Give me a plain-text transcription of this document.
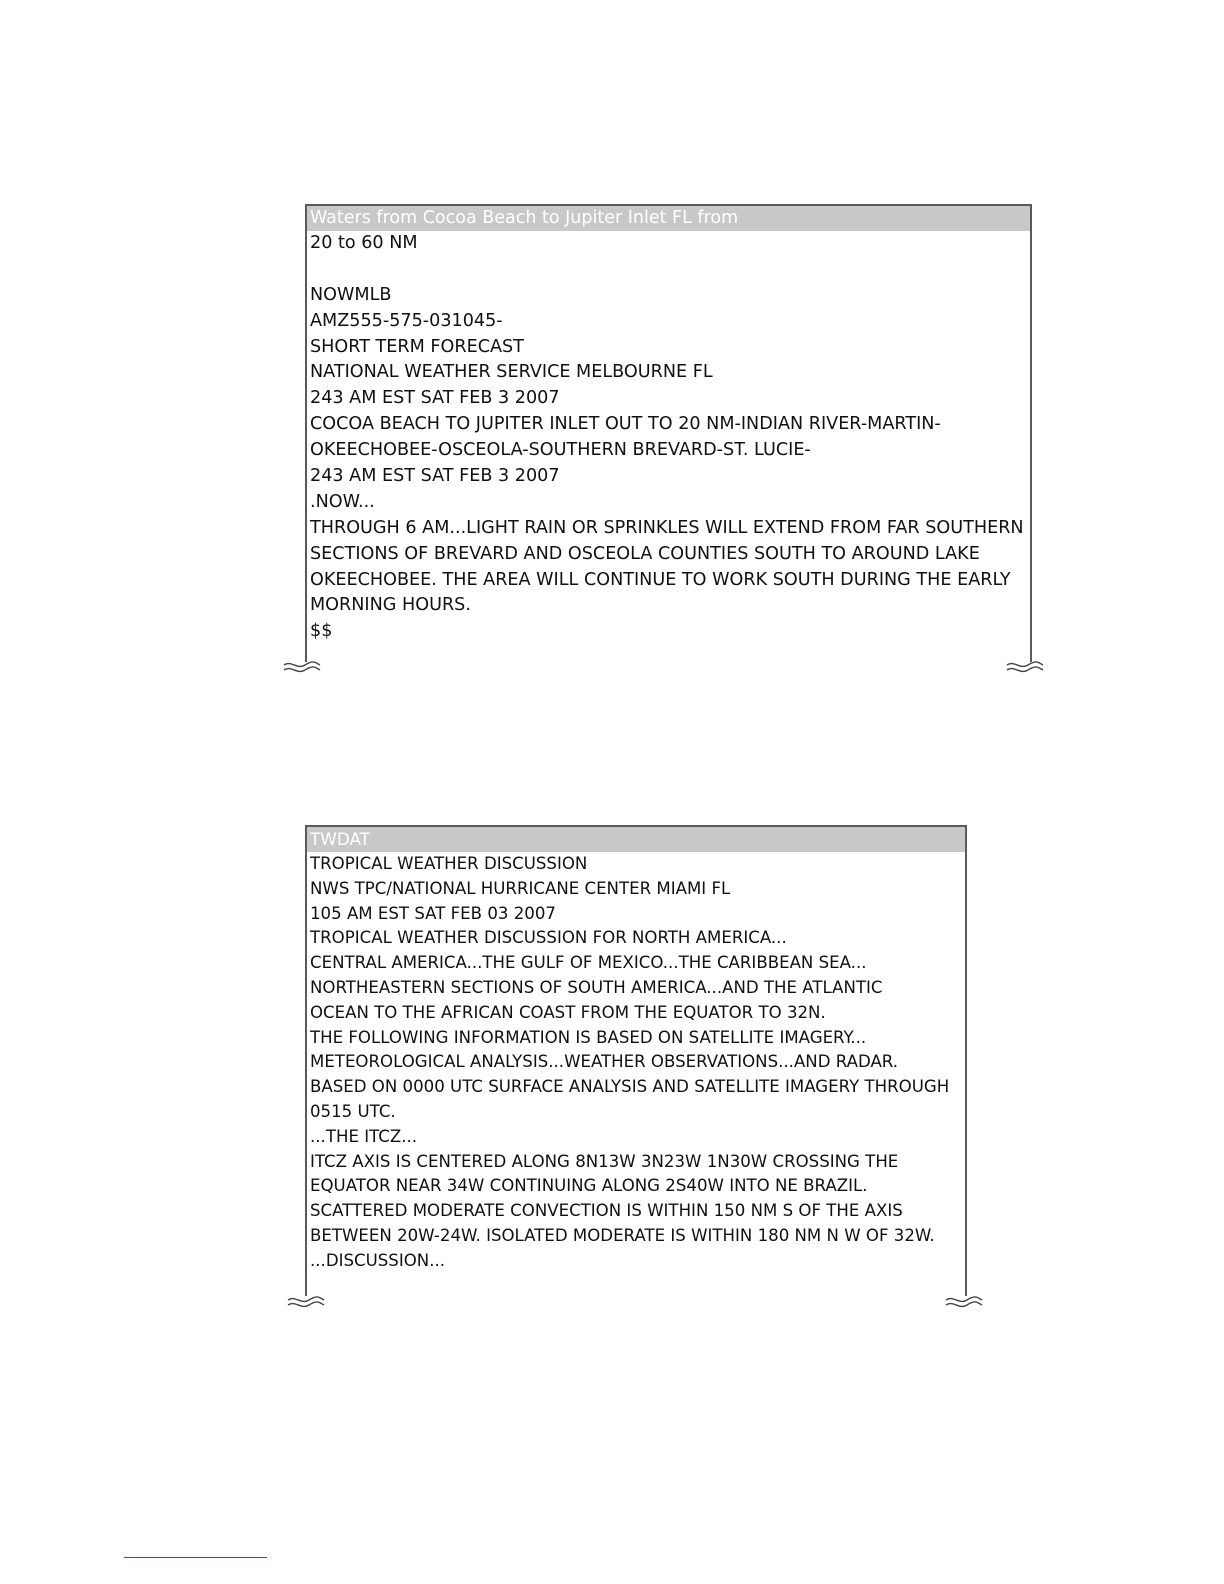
Waters from Cocoa Beach to Jupiter Inlet FL from
20 to 60 NM
NOWMLB
AMZ555-575-031045-
SHORT TERM FORECAST
NATIONAL WEATHER SERVICE MELBOURNE FL
243 AM EST SAT FEB 3 2007
COCOA BEACH TO JUPITER INLET OUT TO 20 NM-INDIAN RIVER-MARTIN-
OKEECHOBEE-OSCEOLA-SOUTHERN BREVARD-ST. LUCIE-
243 AM EST SAT FEB 3 2007
.NOW...
THROUGH 6 AM...LIGHT RAIN OR SPRINKLES WILL EXTEND FROM FAR SOUTHERN
SECTIONS OF BREVARD AND OSCEOLA COUNTIES SOUTH TO AROUND LAKE
OKEECHOBEE. THE AREA WILL CONTINUE TO WORK SOUTH DURING THE EARLY
MORNING HOURS.
$$
TWDAT
TROPICAL WEATHER DISCUSSION
NWS TPC/NATIONAL HURRICANE CENTER MIAMI FL
105 AM EST SAT FEB 03 2007
TROPICAL WEATHER DISCUSSION FOR NORTH AMERICA...
CENTRAL AMERICA...THE GULF OF MEXICO...THE CARIBBEAN SEA...
NORTHEASTERN SECTIONS OF SOUTH AMERICA...AND THE ATLANTIC
OCEAN TO THE AFRICAN COAST FROM THE EQUATOR TO 32N.
THE FOLLOWING INFORMATION IS BASED ON SATELLITE IMAGERY...
METEOROLOGICAL ANALYSIS...WEATHER OBSERVATIONS...AND RADAR.
BASED ON 0000 UTC SURFACE ANALYSIS AND SATELLITE IMAGERY THROUGH
0515 UTC.
...THE ITCZ...
ITCZ AXIS IS CENTERED ALONG 8N13W 3N23W 1N30W CROSSING THE
EQUATOR NEAR 34W CONTINUING ALONG 2S40W INTO NE BRAZIL.
SCATTERED MODERATE CONVECTION IS WITHIN 150 NM S OF THE AXIS
BETWEEN 20W-24W. ISOLATED MODERATE IS WITHIN 180 NM N W OF 32W.
...DISCUSSION...
